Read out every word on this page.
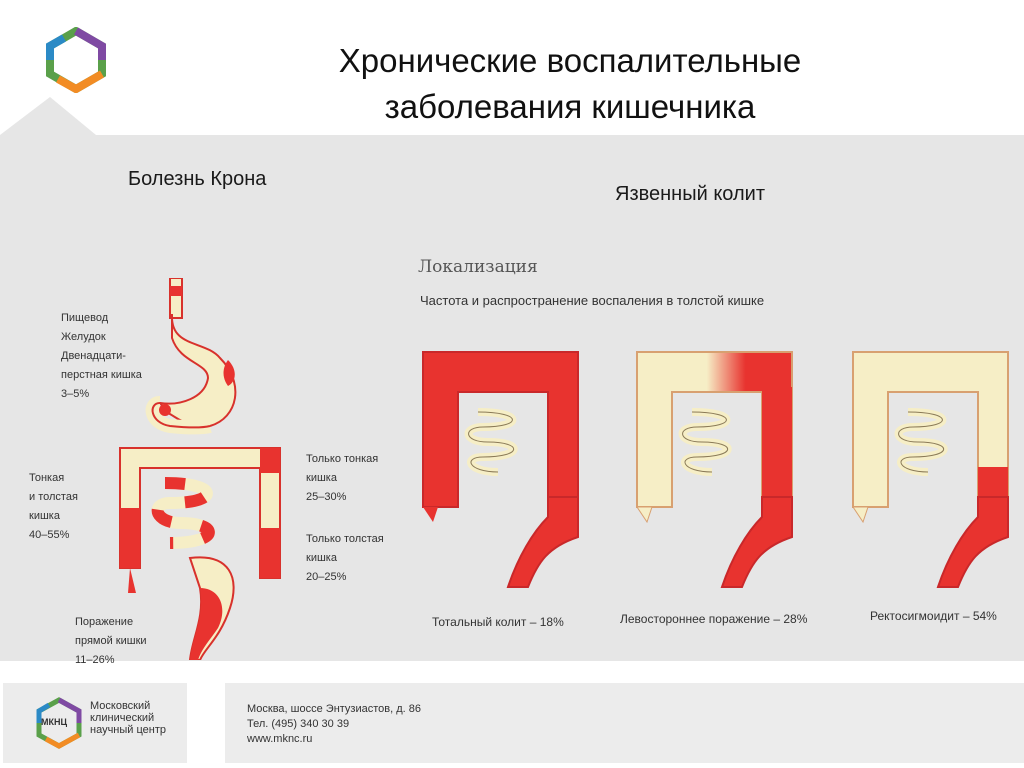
Хронические воспалительные
заболевания кишечника
Болезнь Крона
Пищевод
Желудок
Двенадцати-
перстная кишка
3–5%
Тонкая
и толстая
кишка
40–55%
Только тонкая
кишка
25–30%
Только толстая
кишка
20–25%
Поражение
прямой кишки
11–26%
Язвенный колит
Локализация
Частота и распространение воспаления в толстой кишке
Тотальный колит – 18%	Левостороннее поражение – 28%	Ректосигмоидит – 54%
МКНЦ
Московский
клинический
научный центр
Москва, шоссе Энтузиастов, д. 86
Тел. (495) 340 30 39
www.mknc.ru
